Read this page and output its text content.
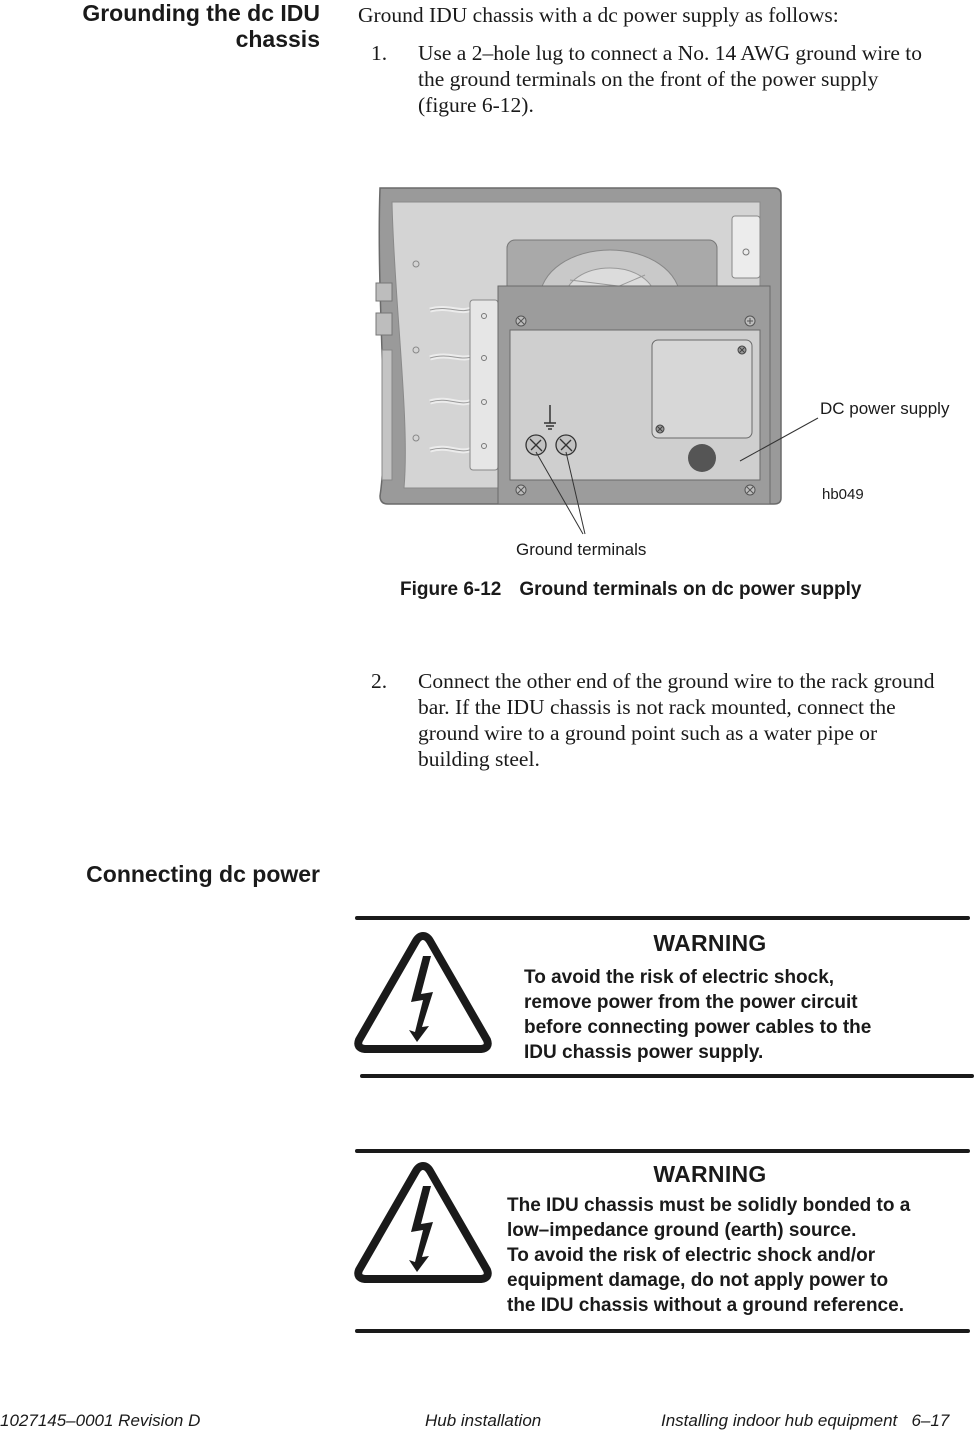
Grounding the dc IDU
chassis
Ground IDU chassis with a dc power supply as follows:
1. Use a 2–hole lug to connect a No. 14 AWG ground wire to
the ground terminals on the front of the power supply
(figure 6-12).
DC power supply
Ground terminals
hb049
Figure 6-12 Ground terminals on dc power supply
2. Connect the other end of the ground wire to the rack ground
bar. If the IDU chassis is not rack mounted, connect the
ground wire to a ground point such as a water pipe or
building steel.
Connecting dc power
WARNING
To avoid the risk of electric shock,
remove power from the power circuit
before connecting power cables to the
IDU chassis power supply.
WARNING
The IDU chassis must be solidly bonded to a
low–impedance ground (earth) source.
To avoid the risk of electric shock and/or
equipment damage, do not apply power to
the IDU chassis without a ground reference.
1027145–0001 Revision D	Hub installation	Installing indoor hub equipment 6–17
